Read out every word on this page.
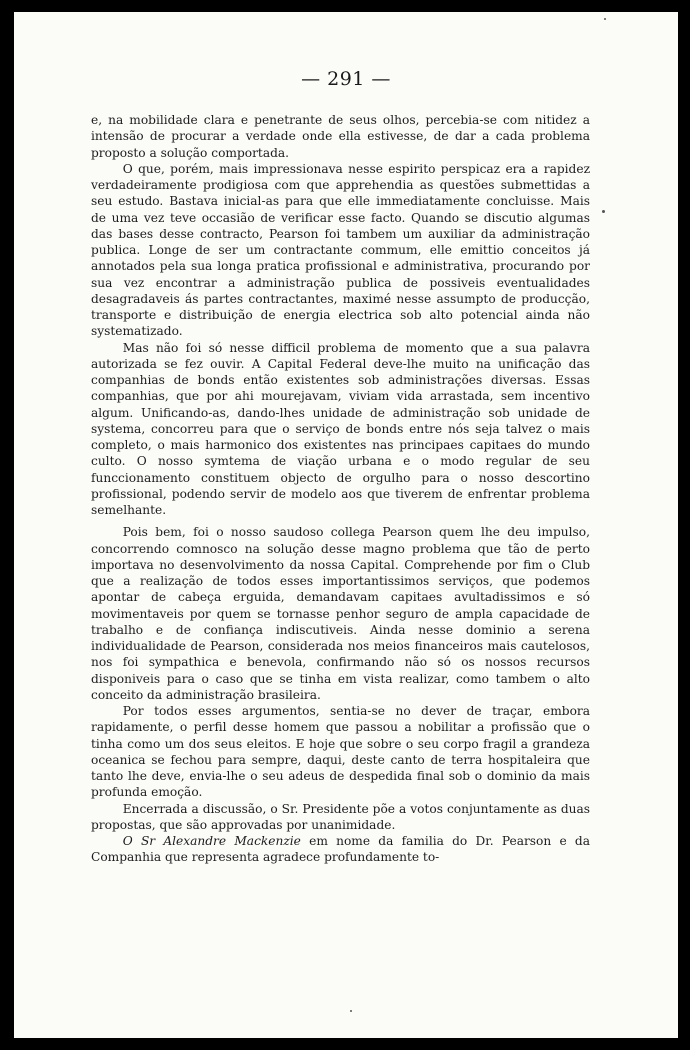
— 291 —

e, na mobilidade clara e penetrante de seus olhos, percebia-se com nitidez a intensão de procurar a verdade onde ella estivesse, de dar a cada problema proposto a solução comportada.

O que, porém, mais impressionava nesse espirito perspicaz era a rapidez verdadeiramente prodigiosa com que apprehendia as questões submettidas a seu estudo. Bastava inicial-as para que elle immediatamente concluisse. Mais de uma vez teve occasião de verificar esse facto. Quando se discutio algumas das bases desse contracto, Pearson foi tambem um auxiliar da administração publica. Longe de ser um contractante commum, elle emittio conceitos já annotados pela sua longa pratica profissional e administrativa, procurando por sua vez encontrar a administração publica de possiveis eventualidades desagradaveis ás partes contractantes, maximé nesse assumpto de producção, transporte e distribuição de energia electrica sob alto potencial ainda não systematizado.

Mas não foi só nesse difficil problema de momento que a sua palavra autorizada se fez ouvir. A Capital Federal deve-lhe muito na unificação das companhias de bonds então existentes sob administrações diversas. Essas companhias, que por ahi mourejavam, viviam vida arrastada, sem incentivo algum. Unificando-as, dando-lhes unidade de administração sob unidade de systema, concorreu para que o serviço de bonds entre nós seja talvez o mais completo, o mais harmonico dos existentes nas principaes capitaes do mundo culto. O nosso symtema de viação urbana e o modo regular de seu funccionamento constituem objecto de orgulho para o nosso descortino profissional, podendo servir de modelo aos que tiverem de enfrentar problema semelhante.

Pois bem, foi o nosso saudoso collega Pearson quem lhe deu impulso, concorrendo comnosco na solução desse magno problema que tão de perto importava no desenvolvimento da nossa Capital. Comprehende por fim o Club que a realização de todos esses importantissimos serviços, que podemos apontar de cabeça erguida, demandavam capitaes avultadissimos e só movimentaveis por quem se tornasse penhor seguro de ampla capacidade de trabalho e de confiança indiscutiveis. Ainda nesse dominio a serena individualidade de Pearson, considerada nos meios financeiros mais cautelosos, nos foi sympathica e benevola, confirmando não só os nossos recursos disponiveis para o caso que se tinha em vista realizar, como tambem o alto conceito da administração brasileira.

Por todos esses argumentos, sentia-se no dever de traçar, embora rapidamente, o perfil desse homem que passou a nobilitar a profissão que o tinha como um dos seus eleitos. E hoje que sobre o seu corpo fragil a grandeza oceanica se fechou para sempre, daqui, deste canto de terra hospitaleira que tanto lhe deve, envia-lhe o seu adeus de despedida final sob o dominio da mais profunda emoção.

Encerrada a discussão, o Sr. Presidente põe a votos conjuntamente as duas propostas, que são approvadas por unanimidade.

O Sr Alexandre Mackenzie em nome da familia do Dr. Pearson e da Companhia que representa agradece profundamente to-
